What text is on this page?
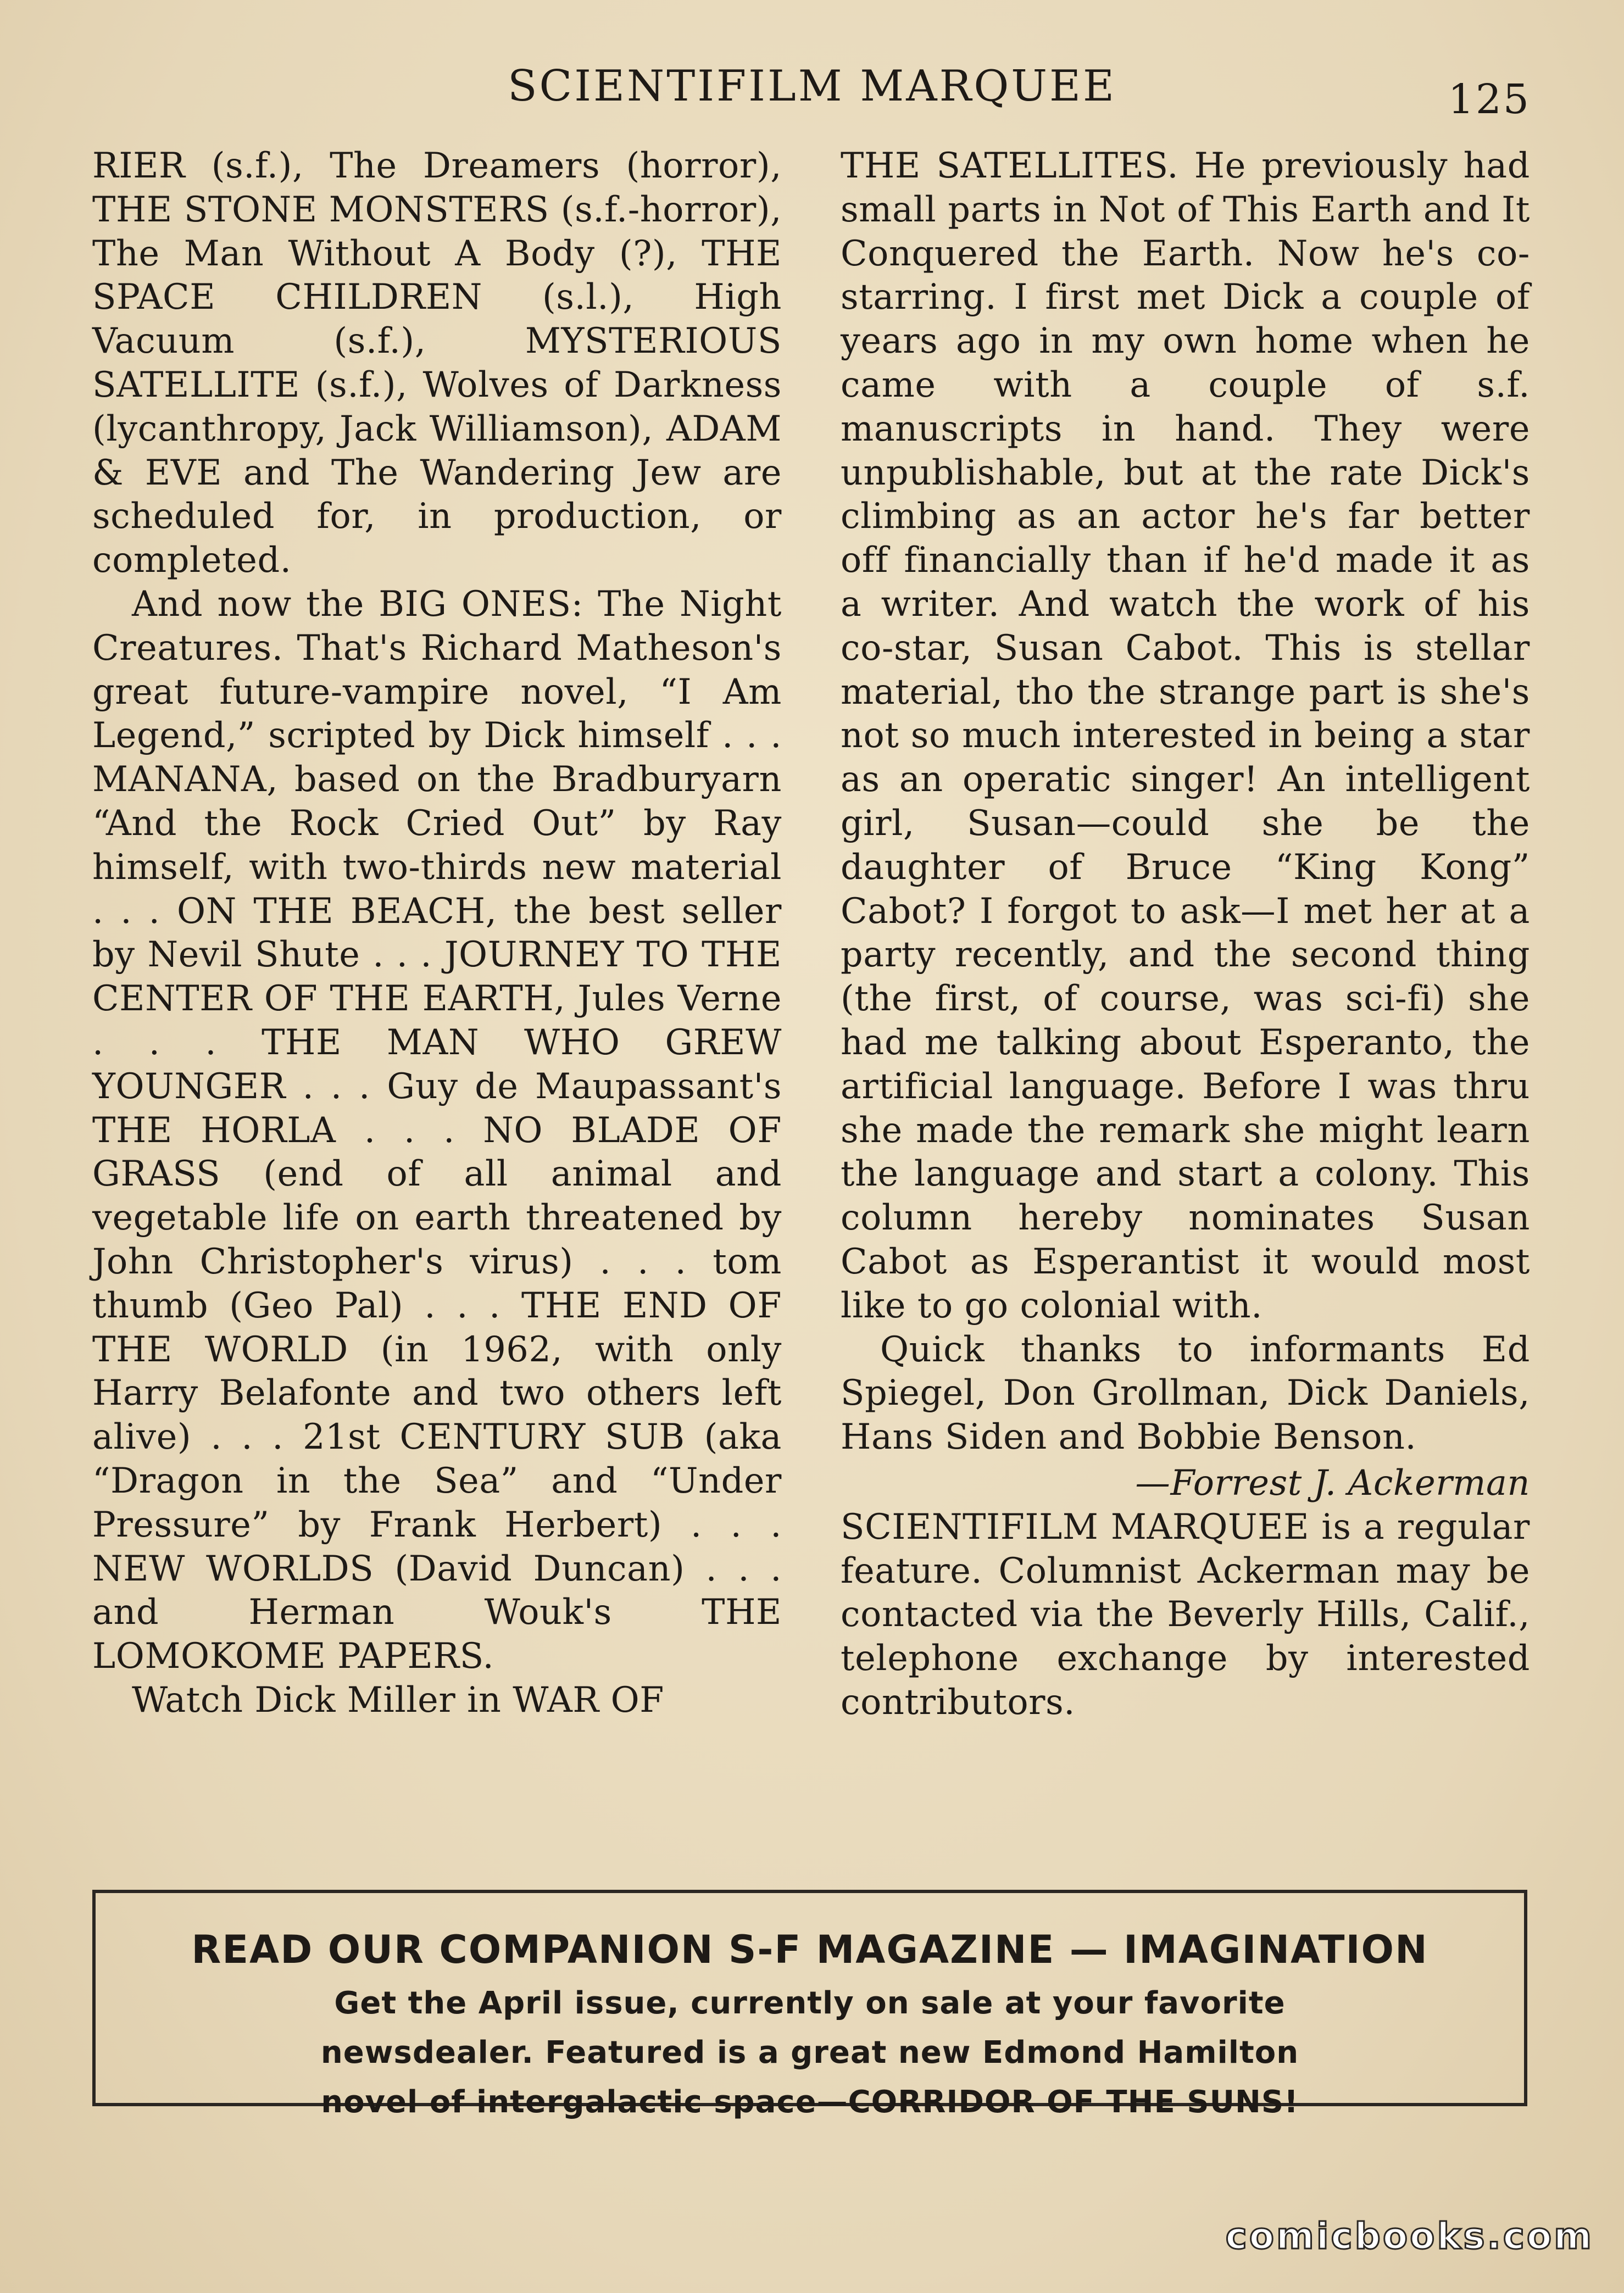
SCIENTIFILM MARQUEE	125

RIER (s.f.), The Dreamers (horror), THE STONE MONSTERS (s.f.-horror), The Man Without A Body (?), THE SPACE CHILDREN (s.l.), High Vacuum (s.f.), MYSTERIOUS SATELLITE (s.f.), Wolves of Darkness (lycanthropy, Jack Williamson), ADAM & EVE and The Wandering Jew are scheduled for, in production, or completed.

And now the BIG ONES: The Night Creatures. That's Richard Matheson's great future-vampire novel, “I Am Legend,” scripted by Dick himself . . . MANANA, based on the Bradburyarn “And the Rock Cried Out” by Ray himself, with two-thirds new material . . . ON THE BEACH, the best seller by Nevil Shute . . . JOURNEY TO THE CENTER OF THE EARTH, Jules Verne . . . THE MAN WHO GREW YOUNGER . . . Guy de Maupassant's THE HORLA . . . NO BLADE OF GRASS (end of all animal and vegetable life on earth threatened by John Christopher's virus) . . . tom thumb (Geo Pal) . . . THE END OF THE WORLD (in 1962, with only Harry Belafonte and two others left alive) . . . 21st CENTURY SUB (aka “Dragon in the Sea” and “Under Pressure” by Frank Herbert) . . . NEW WORLDS (David Duncan) . . . and Herman Wouk's THE LOMOKOME PAPERS.

Watch Dick Miller in WAR OF

THE SATELLITES. He previously had small parts in Not of This Earth and It Conquered the Earth. Now he's co-starring. I first met Dick a couple of years ago in my own home when he came with a couple of s.f. manuscripts in hand. They were unpublishable, but at the rate Dick's climbing as an actor he's far better off financially than if he'd made it as a writer. And watch the work of his co-star, Susan Cabot. This is stellar material, tho the strange part is she's not so much interested in being a star as an operatic singer! An intelligent girl, Susan—could she be the daughter of Bruce “King Kong” Cabot? I forgot to ask—I met her at a party recently, and the second thing (the first, of course, was sci-fi) she had me talking about Esperanto, the artificial language. Before I was thru she made the remark she might learn the language and start a colony. This column hereby nominates Susan Cabot as Esperantist it would most like to go colonial with.

Quick thanks to informants Ed Spiegel, Don Grollman, Dick Daniels, Hans Siden and Bobbie Benson.

—Forrest J. Ackerman

SCIENTIFILM MARQUEE is a regular feature. Columnist Ackerman may be contacted via the Beverly Hills, Calif., telephone exchange by interested contributors.

READ OUR COMPANION S-F MAGAZINE — IMAGINATION
Get the April issue, currently on sale at your favorite
newsdealer. Featured is a great new Edmond Hamilton
novel of intergalactic space—CORRIDOR OF THE SUNS!
comicbooks.com
